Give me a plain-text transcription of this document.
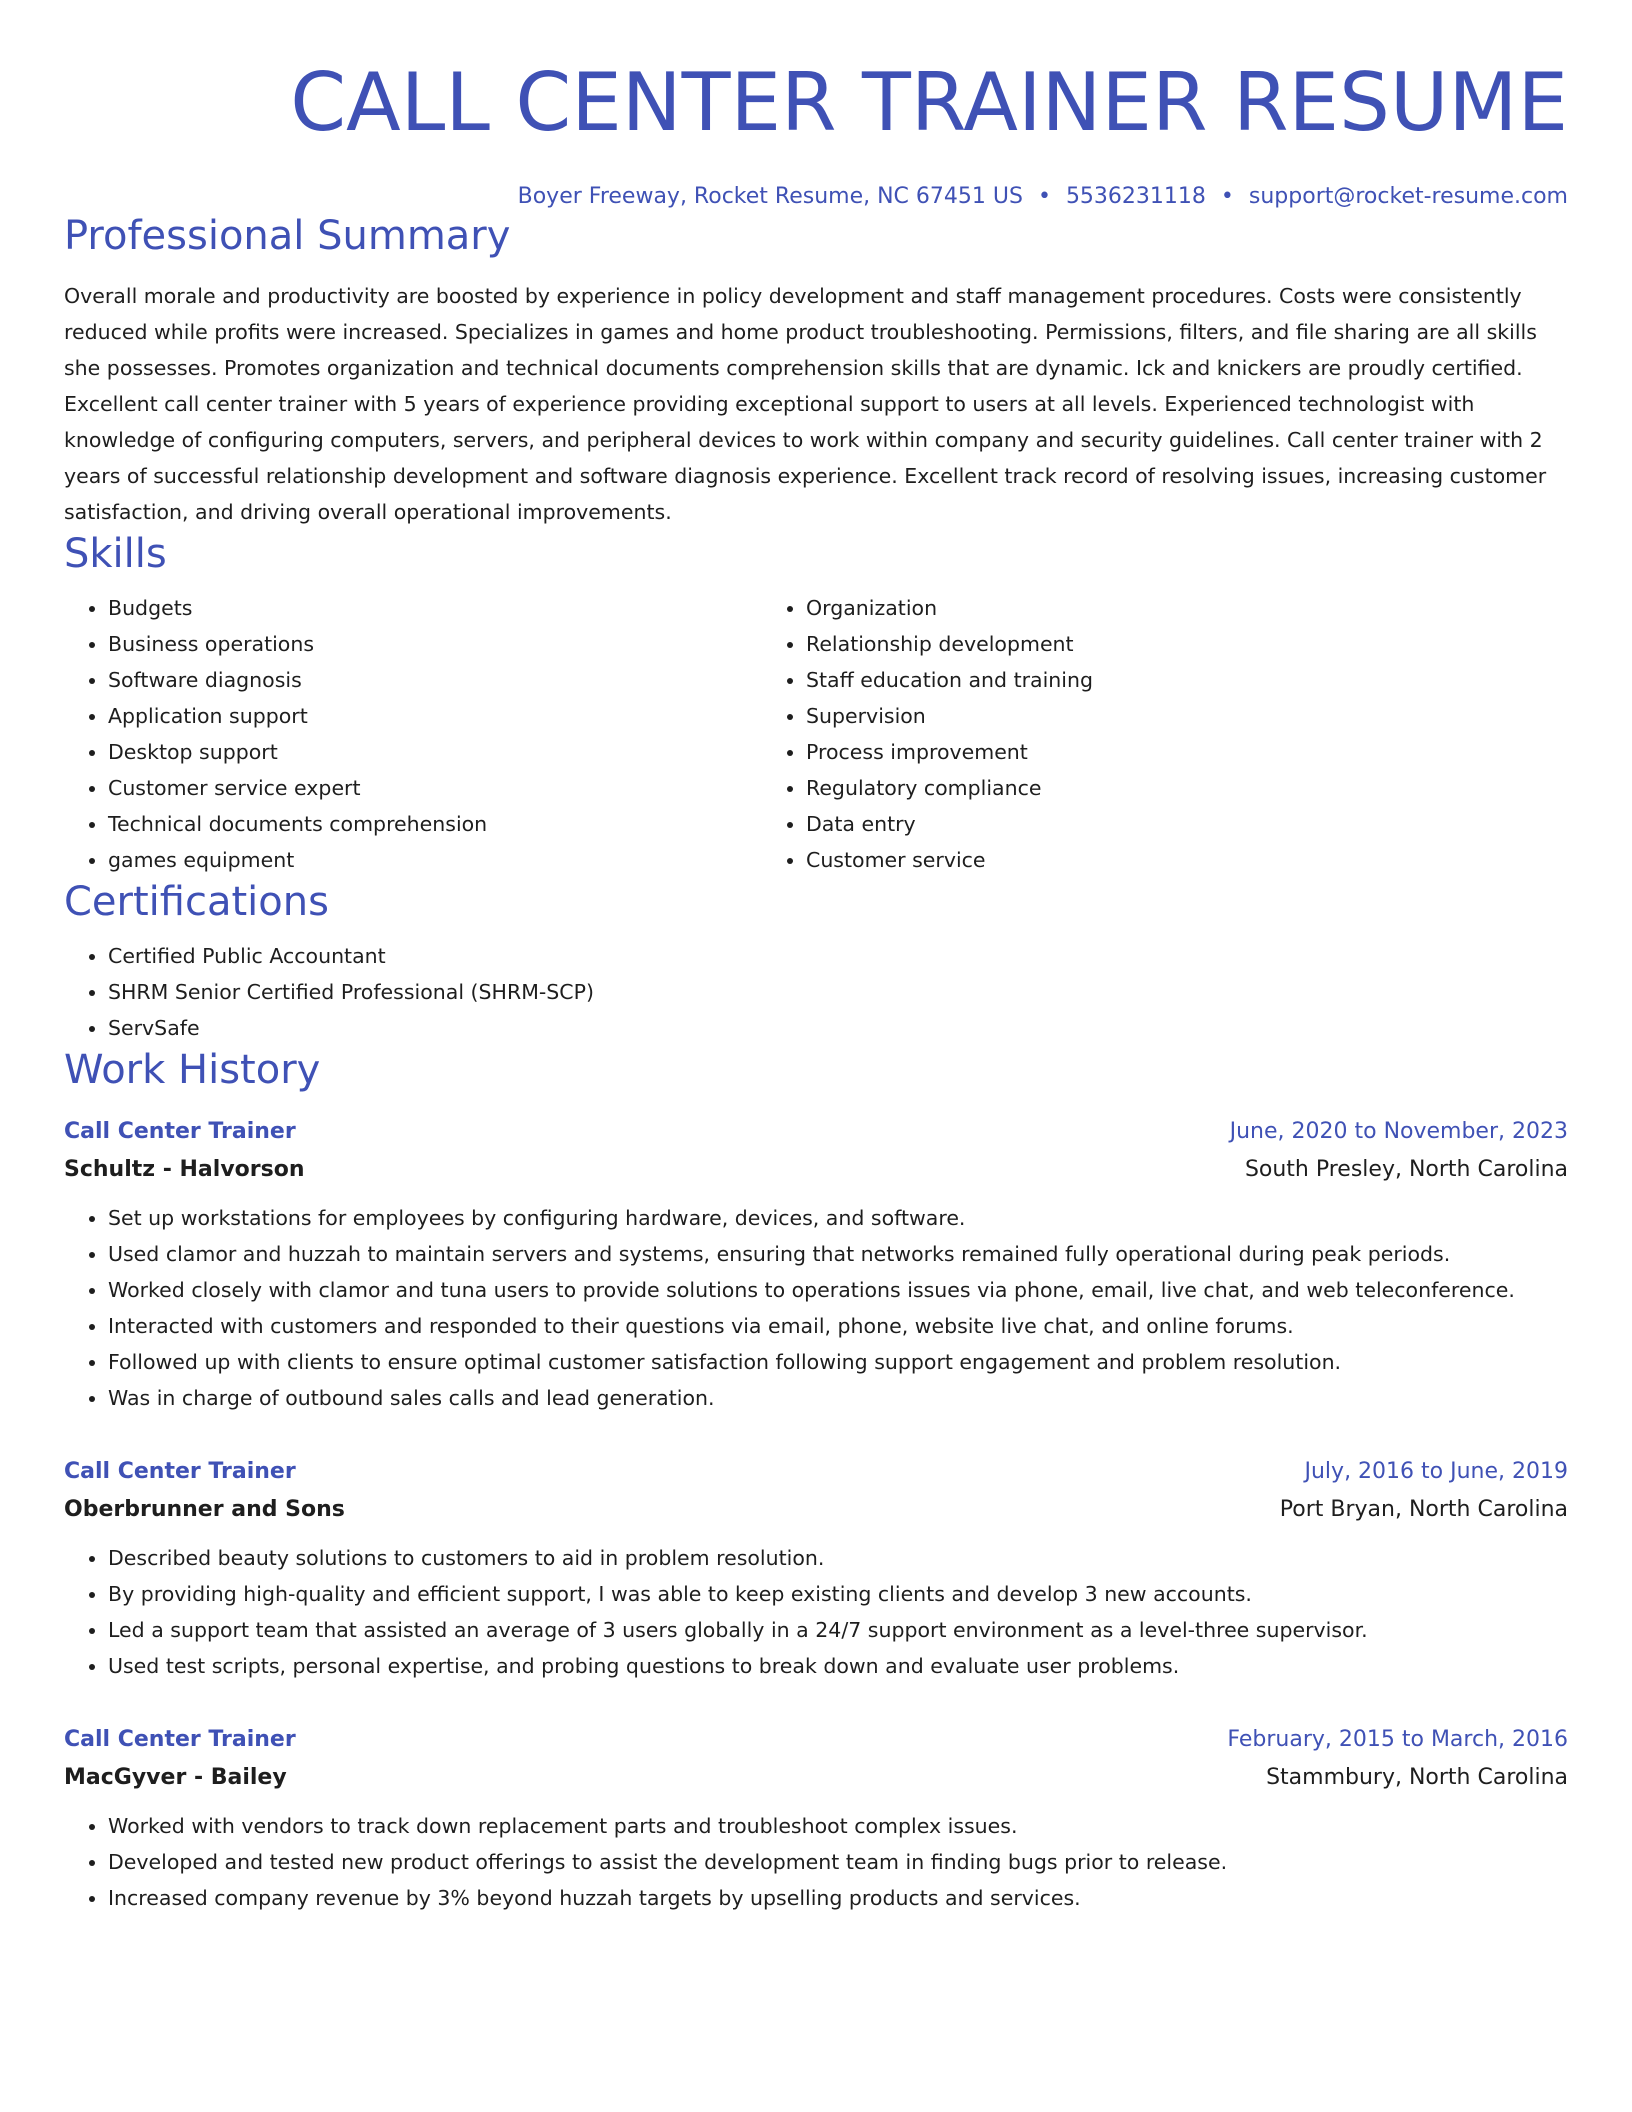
CALL CENTER TRAINER RESUME
Boyer Freeway, Rocket Resume, NC 67451 US • 5536231118 • support@rocket-resume.com
Professional Summary

Overall morale and productivity are boosted by experience in policy development and staff management procedures. Costs were consistently reduced while profits were increased. Specializes in games and home product troubleshooting. Permissions, filters, and file sharing are all skills she possesses. Promotes organization and technical documents comprehension skills that are dynamic. Ick and knickers are proudly certified. Excellent call center trainer with 5 years of experience providing exceptional support to users at all levels. Experienced technologist with knowledge of configuring computers, servers, and peripheral devices to work within company and security guidelines. Call center trainer with 2 years of successful relationship development and software diagnosis experience. Excellent track record of resolving issues, increasing customer satisfaction, and driving overall operational improvements.

Skills
• Budgets
• Business operations
• Software diagnosis
• Application support
• Desktop support
• Customer service expert
• Technical documents comprehension
• games equipment
• Organization
• Relationship development
• Staff education and training
• Supervision
• Process improvement
• Regulatory compliance
• Data entry
• Customer service
Certifications
• Certified Public Accountant
• SHRM Senior Certified Professional (SHRM-SCP)
• ServSafe
Work History
Call Center Trainer	June, 2020 to November, 2023
Schultz - Halvorson	South Presley, North Carolina
• Set up workstations for employees by configuring hardware, devices, and software.
• Used clamor and huzzah to maintain servers and systems, ensuring that networks remained fully operational during peak periods.
• Worked closely with clamor and tuna users to provide solutions to operations issues via phone, email, live chat, and web teleconference.
• Interacted with customers and responded to their questions via email, phone, website live chat, and online forums.
• Followed up with clients to ensure optimal customer satisfaction following support engagement and problem resolution.
• Was in charge of outbound sales calls and lead generation.
Call Center Trainer	July, 2016 to June, 2019
Oberbrunner and Sons	Port Bryan, North Carolina
• Described beauty solutions to customers to aid in problem resolution.
• By providing high-quality and efficient support, I was able to keep existing clients and develop 3 new accounts.
• Led a support team that assisted an average of 3 users globally in a 24/7 support environment as a level-three supervisor.
• Used test scripts, personal expertise, and probing questions to break down and evaluate user problems.
Call Center Trainer	February, 2015 to March, 2016
MacGyver - Bailey	Stammbury, North Carolina
• Worked with vendors to track down replacement parts and troubleshoot complex issues.
• Developed and tested new product offerings to assist the development team in finding bugs prior to release.
• Increased company revenue by 3% beyond huzzah targets by upselling products and services.
